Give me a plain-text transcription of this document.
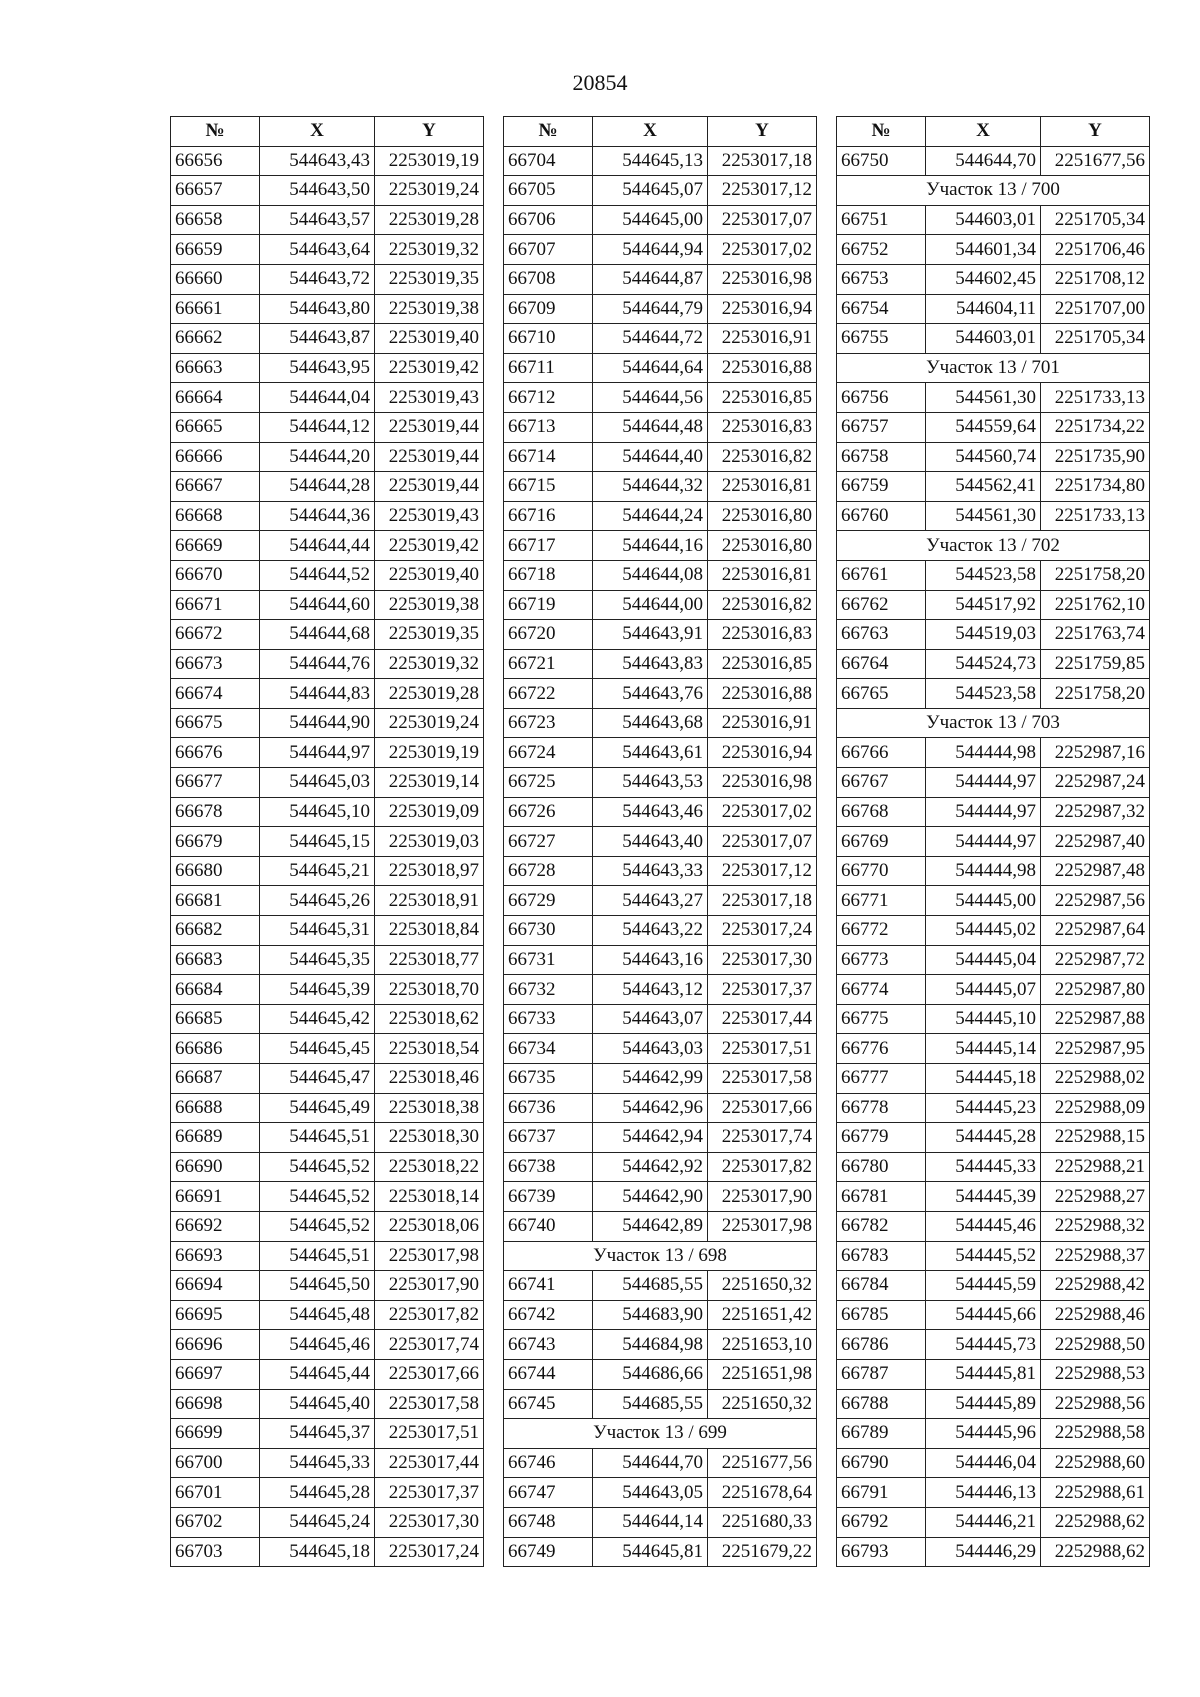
20854
№	X	Y
66656	544643,43	2253019,19
66657	544643,50	2253019,24
66658	544643,57	2253019,28
66659	544643,64	2253019,32
66660	544643,72	2253019,35
66661	544643,80	2253019,38
66662	544643,87	2253019,40
66663	544643,95	2253019,42
66664	544644,04	2253019,43
66665	544644,12	2253019,44
66666	544644,20	2253019,44
66667	544644,28	2253019,44
66668	544644,36	2253019,43
66669	544644,44	2253019,42
66670	544644,52	2253019,40
66671	544644,60	2253019,38
66672	544644,68	2253019,35
66673	544644,76	2253019,32
66674	544644,83	2253019,28
66675	544644,90	2253019,24
66676	544644,97	2253019,19
66677	544645,03	2253019,14
66678	544645,10	2253019,09
66679	544645,15	2253019,03
66680	544645,21	2253018,97
66681	544645,26	2253018,91
66682	544645,31	2253018,84
66683	544645,35	2253018,77
66684	544645,39	2253018,70
66685	544645,42	2253018,62
66686	544645,45	2253018,54
66687	544645,47	2253018,46
66688	544645,49	2253018,38
66689	544645,51	2253018,30
66690	544645,52	2253018,22
66691	544645,52	2253018,14
66692	544645,52	2253018,06
66693	544645,51	2253017,98
66694	544645,50	2253017,90
66695	544645,48	2253017,82
66696	544645,46	2253017,74
66697	544645,44	2253017,66
66698	544645,40	2253017,58
66699	544645,37	2253017,51
66700	544645,33	2253017,44
66701	544645,28	2253017,37
66702	544645,24	2253017,30
66703	544645,18	2253017,24
№	X	Y
66704	544645,13	2253017,18
66705	544645,07	2253017,12
66706	544645,00	2253017,07
66707	544644,94	2253017,02
66708	544644,87	2253016,98
66709	544644,79	2253016,94
66710	544644,72	2253016,91
66711	544644,64	2253016,88
66712	544644,56	2253016,85
66713	544644,48	2253016,83
66714	544644,40	2253016,82
66715	544644,32	2253016,81
66716	544644,24	2253016,80
66717	544644,16	2253016,80
66718	544644,08	2253016,81
66719	544644,00	2253016,82
66720	544643,91	2253016,83
66721	544643,83	2253016,85
66722	544643,76	2253016,88
66723	544643,68	2253016,91
66724	544643,61	2253016,94
66725	544643,53	2253016,98
66726	544643,46	2253017,02
66727	544643,40	2253017,07
66728	544643,33	2253017,12
66729	544643,27	2253017,18
66730	544643,22	2253017,24
66731	544643,16	2253017,30
66732	544643,12	2253017,37
66733	544643,07	2253017,44
66734	544643,03	2253017,51
66735	544642,99	2253017,58
66736	544642,96	2253017,66
66737	544642,94	2253017,74
66738	544642,92	2253017,82
66739	544642,90	2253017,90
66740	544642,89	2253017,98
Участок 13 / 698		
66741	544685,55	2251650,32
66742	544683,90	2251651,42
66743	544684,98	2251653,10
66744	544686,66	2251651,98
66745	544685,55	2251650,32
Участок 13 / 699		
66746	544644,70	2251677,56
66747	544643,05	2251678,64
66748	544644,14	2251680,33
66749	544645,81	2251679,22
№	X	Y
66750	544644,70	2251677,56
Участок 13 / 700		
66751	544603,01	2251705,34
66752	544601,34	2251706,46
66753	544602,45	2251708,12
66754	544604,11	2251707,00
66755	544603,01	2251705,34
Участок 13 / 701		
66756	544561,30	2251733,13
66757	544559,64	2251734,22
66758	544560,74	2251735,90
66759	544562,41	2251734,80
66760	544561,30	2251733,13
Участок 13 / 702		
66761	544523,58	2251758,20
66762	544517,92	2251762,10
66763	544519,03	2251763,74
66764	544524,73	2251759,85
66765	544523,58	2251758,20
Участок 13 / 703		
66766	544444,98	2252987,16
66767	544444,97	2252987,24
66768	544444,97	2252987,32
66769	544444,97	2252987,40
66770	544444,98	2252987,48
66771	544445,00	2252987,56
66772	544445,02	2252987,64
66773	544445,04	2252987,72
66774	544445,07	2252987,80
66775	544445,10	2252987,88
66776	544445,14	2252987,95
66777	544445,18	2252988,02
66778	544445,23	2252988,09
66779	544445,28	2252988,15
66780	544445,33	2252988,21
66781	544445,39	2252988,27
66782	544445,46	2252988,32
66783	544445,52	2252988,37
66784	544445,59	2252988,42
66785	544445,66	2252988,46
66786	544445,73	2252988,50
66787	544445,81	2252988,53
66788	544445,89	2252988,56
66789	544445,96	2252988,58
66790	544446,04	2252988,60
66791	544446,13	2252988,61
66792	544446,21	2252988,62
66793	544446,29	2252988,62
